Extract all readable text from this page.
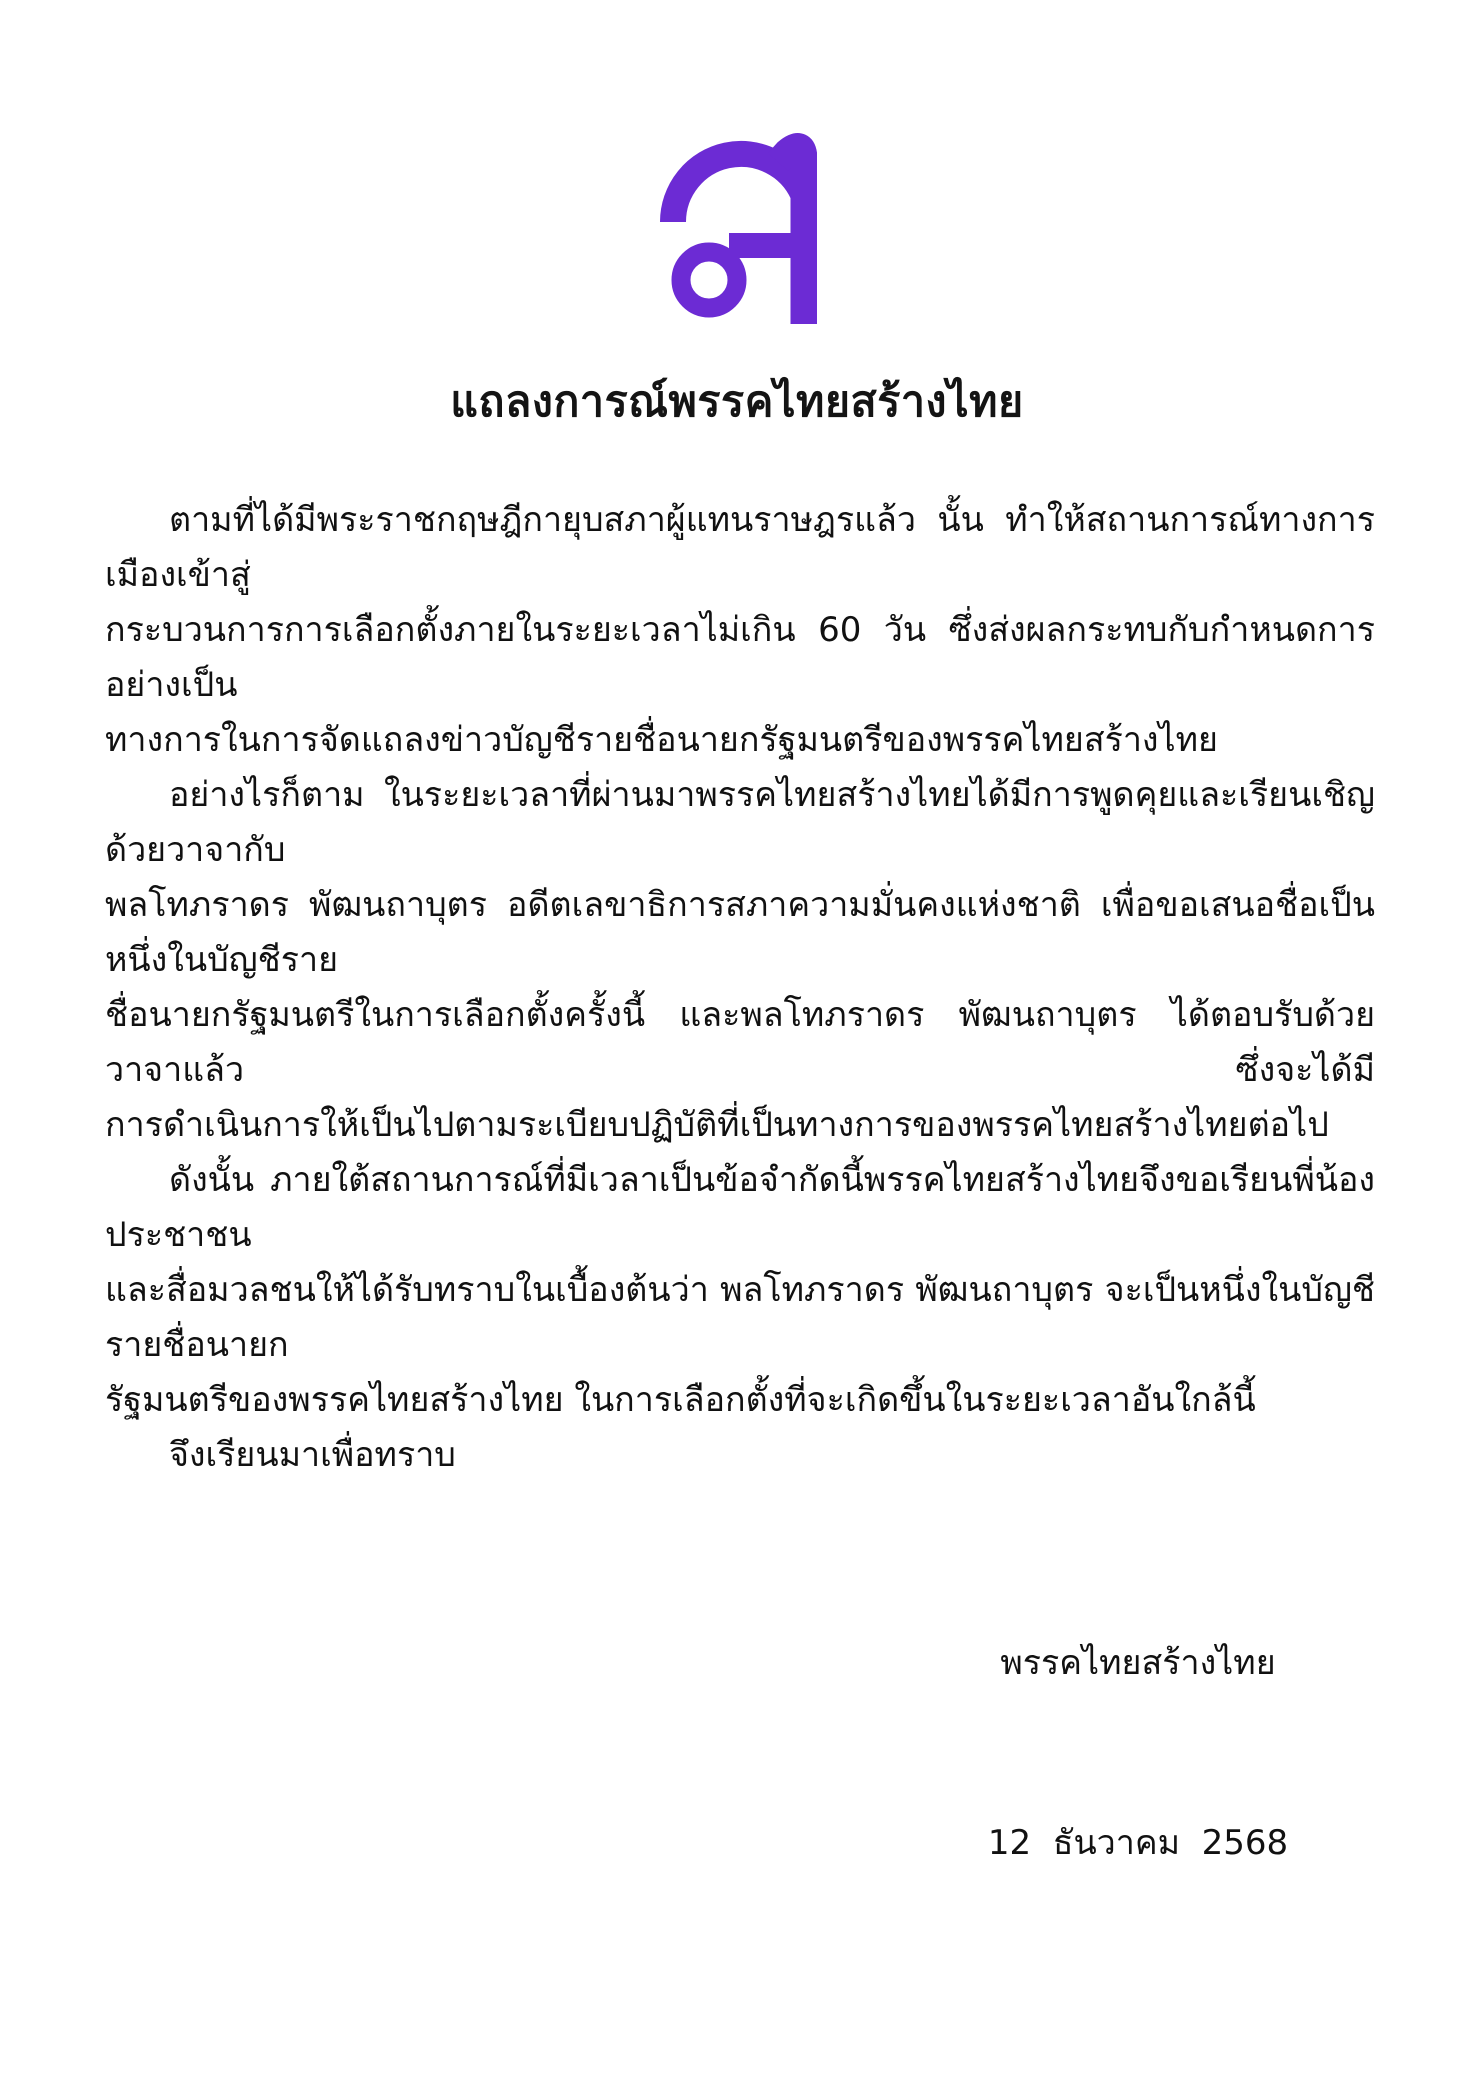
แถลงการณ์พรรคไทยสร้างไทย
ตามที่ได้มีพระราชกฤษฎีกายุบสภาผู้แทนราษฎรแล้ว นั้น ทำให้สถานการณ์ทางการเมืองเข้าสู่
กระบวนการการเลือกตั้งภายในระยะเวลาไม่เกิน 60 วัน ซึ่งส่งผลกระทบกับกำหนดการอย่างเป็น
ทางการในการจัดแถลงข่าวบัญชีรายชื่อนายกรัฐมนตรีของพรรคไทยสร้างไทย
อย่างไรก็ตาม ในระยะเวลาที่ผ่านมาพรรคไทยสร้างไทยได้มีการพูดคุยและเรียนเชิญด้วยวาจากับ
พลโทภราดร พัฒนถาบุตร อดีตเลขาธิการสภาความมั่นคงแห่งชาติ เพื่อขอเสนอชื่อเป็นหนึ่งในบัญชีราย
ชื่อนายกรัฐมนตรีในการเลือกตั้งครั้งนี้ และพลโทภราดร พัฒนถาบุตร ได้ตอบรับด้วยวาจาแล้ว ซึ่งจะได้มี
การดำเนินการให้เป็นไปตามระเบียบปฏิบัติที่เป็นทางการของพรรคไทยสร้างไทยต่อไป
ดังนั้น ภายใต้สถานการณ์ที่มีเวลาเป็นข้อจำกัดนี้พรรคไทยสร้างไทยจึงขอเรียนพี่น้องประชาชน
และสื่อมวลชนให้ได้รับทราบในเบื้องต้นว่า พลโทภราดร พัฒนถาบุตร จะเป็นหนึ่งในบัญชีรายชื่อนายก
รัฐมนตรีของพรรคไทยสร้างไทย ในการเลือกตั้งที่จะเกิดขึ้นในระยะเวลาอันใกล้นี้
จึงเรียนมาเพื่อทราบ

พรรคไทยสร้างไทย

12  ธันวาคม  2568
